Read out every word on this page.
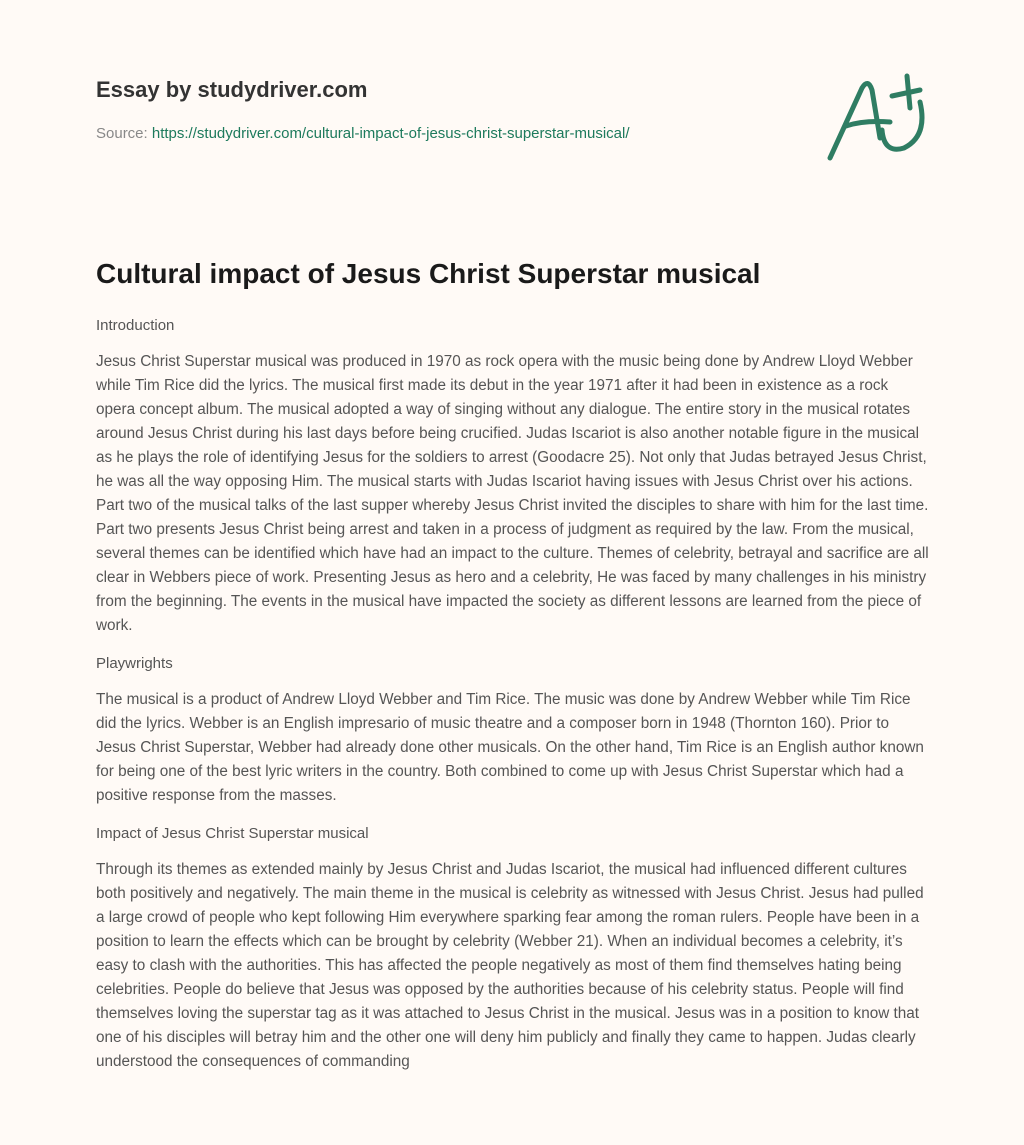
Essay by studydriver.com
Source: https://studydriver.com/cultural-impact-of-jesus-christ-superstar-musical/
Cultural impact of Jesus Christ Superstar musical
Introduction

Jesus Christ Superstar musical was produced in 1970 as rock opera with the music being done by Andrew Lloyd Webber while Tim Rice did the lyrics. The musical first made its debut in the year 1971 after it had been in existence as a rock opera concept album. The musical adopted a way of singing without any dialogue. The entire story in the musical rotates around Jesus Christ during his last days before being crucified. Judas Iscariot is also another notable figure in the musical as he plays the role of identifying Jesus for the soldiers to arrest (Goodacre 25). Not only that Judas betrayed Jesus Christ, he was all the way opposing Him. The musical starts with Judas Iscariot having issues with Jesus Christ over his actions. Part two of the musical talks of the last supper whereby Jesus Christ invited the disciples to share with him for the last time. Part two presents Jesus Christ being arrest and taken in a process of judgment as required by the law. From the musical, several themes can be identified which have had an impact to the culture. Themes of celebrity, betrayal and sacrifice are all clear in Webbers piece of work. Presenting Jesus as hero and a celebrity, He was faced by many challenges in his ministry from the beginning. The events in the musical have impacted the society as different lessons are learned from the piece of work.

Playwrights

The musical is a product of Andrew Lloyd Webber and Tim Rice. The music was done by Andrew Webber while Tim Rice did the lyrics. Webber is an English impresario of music theatre and a composer born in 1948 (Thornton 160). Prior to Jesus Christ Superstar, Webber had already done other musicals. On the other hand, Tim Rice is an English author known for being one of the best lyric writers in the country. Both combined to come up with Jesus Christ Superstar which had a positive response from the masses.

Impact of Jesus Christ Superstar musical

Through its themes as extended mainly by Jesus Christ and Judas Iscariot, the musical had influenced different cultures both positively and negatively. The main theme in the musical is celebrity as witnessed with Jesus Christ. Jesus had pulled a large crowd of people who kept following Him everywhere sparking fear among the roman rulers. People have been in a position to learn the effects which can be brought by celebrity (Webber 21). When an individual becomes a celebrity, it’s easy to clash with the authorities. This has affected the people negatively as most of them find themselves hating being celebrities. People do believe that Jesus was opposed by the authorities because of his celebrity status. People will find themselves loving the superstar tag as it was attached to Jesus Christ in the musical. Jesus was in a position to know that one of his disciples will betray him and the other one will deny him publicly and finally they came to happen. Judas clearly understood the consequences of commanding
